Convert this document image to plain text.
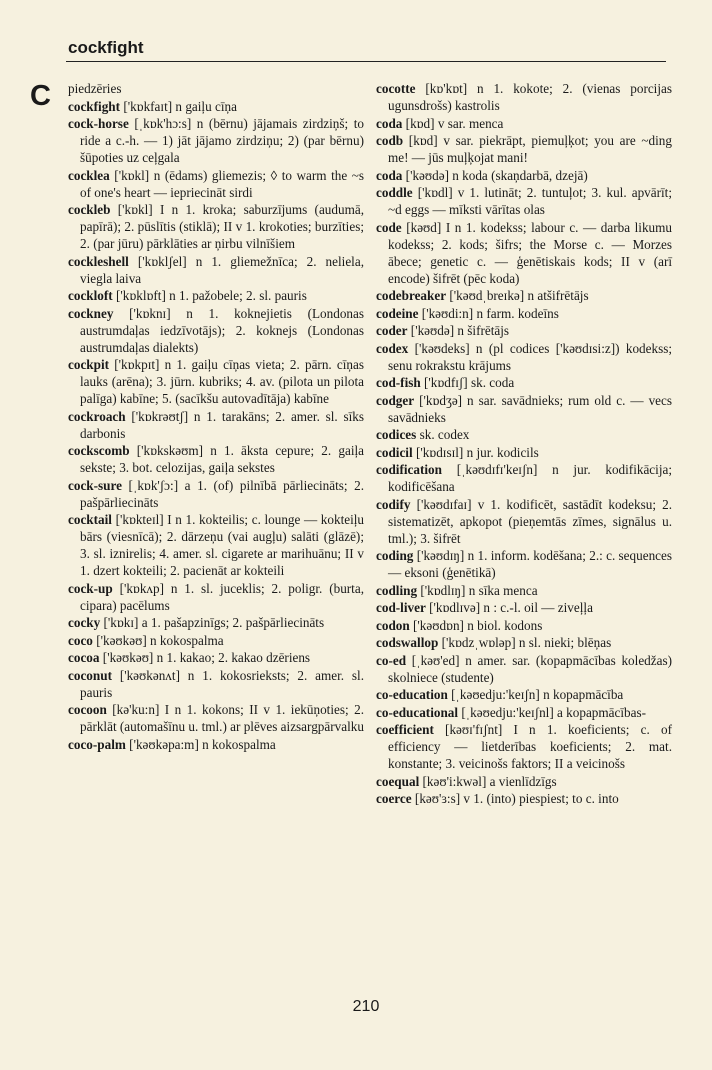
cockfight
C piedzēries

cockfight ['kɒkfaɪt] n gaiļu cīņa

cock-horse [ˌkɒk'hɔ:s] n (bērnu) jājamais zirdziņš; to ride a c.-h. — 1) jāt jājamo zirdziņu; 2) (par bērnu) šūpoties uz ceļgala

cocklea ['kɒkl] n (ēdams) gliemezis; ◊ to warm the ~s of one's heart — iepriecināt sirdi

cockleb ['kɒkl] I n 1. kroka; saburzījums (audumā, papīrā); 2. pūslītis (stiklā); II v 1. krokoties; burzīties; 2. (par jūru) pārklāties ar ņirbu vilnīšiem

cockleshell ['kɒklʃel] n 1. gliemežnīca; 2. neliela, viegla laiva

cockloft ['kɒklɒft] n 1. pažobele; 2. sl. pauris

cockney ['kɒknɪ] n 1. koknejietis (Londonas austrumdaļas iedzīvotājs); 2. koknejs (Londonas austrumdaļas dialekts)

cockpit ['kɒkpɪt] n 1. gaiļu cīņas vieta; 2. pārn. cīņas lauks (arēna); 3. jūrn. kubriks; 4. av. (pilota un pilota palīga) kabīne; 5. (sacīkšu autovadītāja) kabīne

cockroach ['kɒkrəʊtʃ] n 1. tarakāns; 2. amer. sl. sīks darbonis

cockscomb ['kɒkskəʊm] n 1. āksta cepure; 2. gaiļa sekste; 3. bot. celozijas, gaiļa sekstes

cock-sure [ˌkɒk'ʃɔ:] a 1. (of) pilnībā pārliecināts; 2. pašpārliecināts

cocktail ['kɒkteɪl] I n 1. kokteilis; c. lounge — kokteiļu bārs (viesnīcā); 2. dārzeņu (vai augļu) salāti (glāzē); 3. sl. iznirelis; 4. amer. sl. cigarete ar marihuānu; II v 1. dzert kokteili; 2. pacienāt ar kokteili

cock-up ['kɒkʌp] n 1. sl. juceklis; 2. poligr. (burta, cipara) pacēlums

cocky ['kɒkɪ] a 1. pašapzinīgs; 2. pašpārliecināts

coco ['kəʊkəʊ] n kokospalma

cocoa ['kəʊkəʊ] n 1. kakao; 2. kakao dzēriens

coconut ['kəʊkənʌt] n 1. kokosrieksts; 2. amer. sl. pauris

cocoon [kə'ku:n] I n 1. kokons; II v 1. iekūņoties; 2. pārklāt (automašīnu u. tml.) ar plēves aizsargpārvalku

coco-palm ['kəʊkəpa:m] n kokospalma

cocotte [kɒ'kɒt] n 1. kokote; 2. (vienas porcijas ugunsdrošs) kastrolis

coda [kɒd] v sar. menca

codb [kɒd] v sar. piekrāpt, piemuļķot; you are ~ding me! — jūs muļķojat mani!

coda ['kəʊdə] n koda (skaņdarbā, dzejā)

coddle ['kɒdl] v 1. lutināt; 2. tuntuļot; 3. kul. apvārīt; ~d eggs — mīksti vārītas olas

code [kəʊd] I n 1. kodekss; labour c. — darba likumu kodekss; 2. kods; šifrs; the Morse c. — Morzes ābece; genetic c. — ģenētiskais kods; II v (arī encode) šifrēt (pēc koda)

codebreaker ['kəʊdˌbreɪkə] n atšifrētājs

codeine ['kəʊdi:n] n farm. kodeīns

coder ['kəʊdə] n šifrētājs

codex ['kəʊdeks] n (pl codices ['kəʊdɪsi:z]) kodekss; senu rokrakstu krājums

cod-fish ['kɒdfɪʃ] sk. coda

codger ['kɒdʒə] n sar. savādnieks; rum old c. — vecs savādnieks

codices sk. codex

codicil ['kɒdɪsɪl] n jur. kodicils

codification [ˌkəʊdɪfɪ'keɪʃn] n jur. kodifikācija; kodificēšana

codify ['kəʊdɪfaɪ] v 1. kodificēt, sastādīt kodeksu; 2. sistematizēt, apkopot (pieņemtās zīmes, signālus u. tml.); 3. šifrēt

coding ['kəʊdɪŋ] n 1. inform. kodēšana; 2.: c. sequences — eksoni (ģenētikā)

codling ['kɒdlɪŋ] n sīka menca

cod-liver ['kɒdlɪvə] n : c.-l. oil — ziveļļa

codon ['kəʊdɒn] n biol. kodons

codswallop ['kɒdzˌwɒləp] n sl. nieki; blēņas

co-ed [ˌkəʊ'ed] n amer. sar. (kopapmācības koledžas) skolniece (studente)

co-education [ˌkəʊedju:'keɪʃn] n kopapmācība

co-educational [ˌkəʊedju:'keɪʃnl] a kopapmācības-

coefficient [kəʊɪ'fɪʃnt] I n 1. koeficients; c. of efficiency — lietderības koeficients; 2. mat. konstante; 3. veicinošs faktors; II a veicinošs

coequal [kəʊ'i:kwəl] a vienlīdzīgs

coerce [kəʊ'ɜ:s] v 1. (into) piespiest; to c. into

210
